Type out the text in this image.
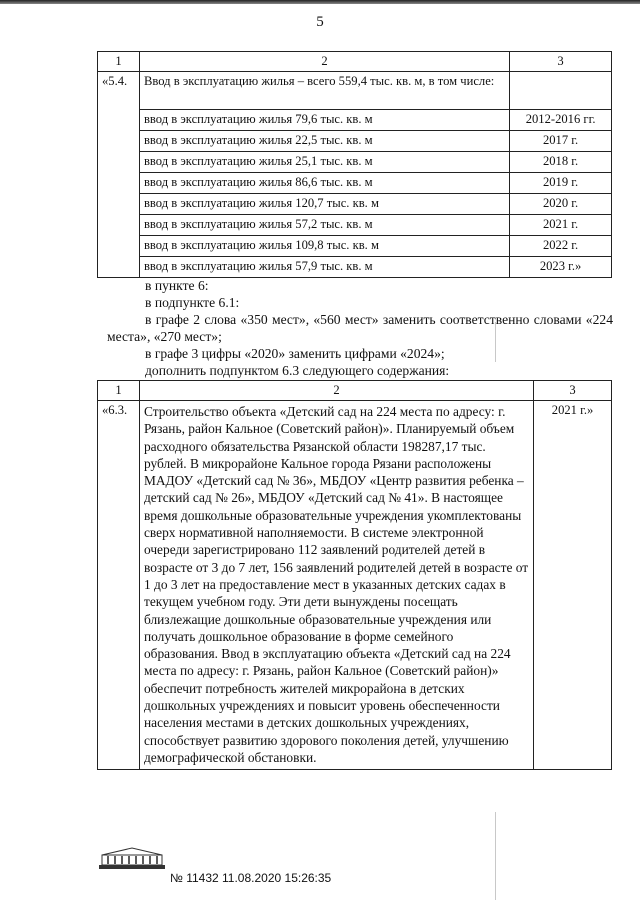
5
1	2	3
«5.4.	Ввод в эксплуатацию жилья – всего 559,4 тыс. кв. м, в том числе:	
	ввод в эксплуатацию жилья 79,6 тыс. кв. м	2012-2016 гг.
	ввод в эксплуатацию жилья 22,5 тыс. кв. м	2017 г.
	ввод в эксплуатацию жилья 25,1 тыс. кв. м	2018 г.
	ввод в эксплуатацию жилья 86,6 тыс. кв. м	2019 г.
	ввод в эксплуатацию жилья 120,7 тыс. кв. м	2020 г.
	ввод в эксплуатацию жилья 57,2 тыс. кв. м	2021 г.
	ввод в эксплуатацию жилья 109,8 тыс. кв. м	2022 г.
	ввод в эксплуатацию жилья 57,9 тыс. кв. м	2023 г.»
в пункте 6:
в подпункте 6.1:
в графе 2 слова «350 мест», «560 мест» заменить соответственно словами «224 места», «270 мест»;
в графе 3 цифры «2020» заменить цифрами «2024»;
дополнить подпунктом 6.3 следующего содержания:
1	2	3
«6.3.	Строительство объекта «Детский сад на 224 места по адресу: г. Рязань, район Кальное (Советский район)». Планируемый объем расходного обязательства Рязанской области 198287,17 тыс. рублей. В микрорайоне Кальное города Рязани расположены МАДОУ «Детский сад № 36», МБДОУ «Центр развития ребенка – детский сад № 26», МБДОУ «Детский сад № 41». В настоящее время дошкольные образовательные учреждения укомплектованы сверх нормативной наполняемости. В системе электронной очереди зарегистрировано 112 заявлений родителей детей в возрасте от 3 до 7 лет, 156 заявлений родителей детей в возрасте от 1 до 3 лет на предоставление мест в указанных детских садах в текущем учебном году. Эти дети вынуждены посещать близлежащие дошкольные образовательные учреждения или получать дошкольное образование в форме семейного образования. Ввод в эксплуатацию объекта «Детский сад на 224 места по адресу: г. Рязань, район Кальное (Советский район)» обеспечит потребность жителей микрорайона в детских дошкольных учреждениях и повысит уровень обеспеченности населения местами в детских дошкольных учреждениях, способствует развитию здорового поколения детей, улучшению демографической обстановки.	2021 г.»
№ 11432 11.08.2020 15:26:35
